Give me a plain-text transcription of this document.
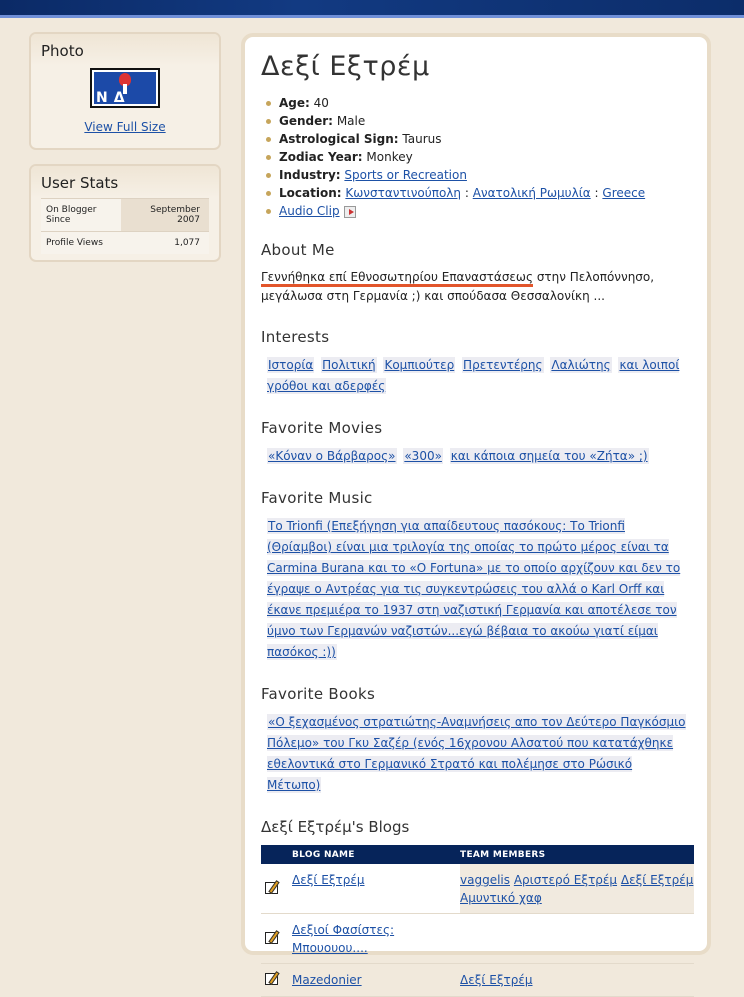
Photo
ΝΔ
View Full Size
User Stats
On Blogger Since	September 2007
Profile Views	1,077
Δεξί Εξτρέμ
Age: 40
Gender: Male
Astrological Sign: Taurus
Zodiac Year: Monkey
Industry: Sports or Recreation
Location: Κωνσταντινούπολη : Ανατολική Ρωμυλία : Greece
Audio Clip
About Me
Γεννήθηκα επί Εθνοσωτηρίου Επαναστάσεως στην Πελοπόννησο, μεγάλωσα στη Γερμανία ;) και σπούδασα Θεσσαλονίκη ...
Interests
Ιστορία Πολιτική Κομπιούτερ Πρετεντέρης Λαλιώτης και λοιποί γρόθοι και αδερφές
Favorite Movies
«Κόναν ο Βάρβαρος» «300» και κάποια σημεία του «Ζήτα» ;)
Favorite Music
Το Trionfi (Επεξήγηση για απαίδευτους πασόκους: Το Trionfi (Θρίαμβοι) είναι μια τριλογία της οποίας το πρώτο μέρος είναι τα Carmina Burana και το «O Fortuna» με το οποίο αρχίζουν και δεν το έγραψε ο Αντρέας για τις συγκεντρώσεις του αλλά ο Karl Orff και έκανε πρεμιέρα το 1937 στη ναζιστική Γερμανία και αποτέλεσε τον ύμνο των Γερμανών ναζιστών...εγώ βέβαια το ακούω γιατί είμαι πασόκος :))
Favorite Books
«Ο ξεχασμένος στρατιώτης-Αναμνήσεις απο τον Δεύτερο Παγκόσμιο Πόλεμο» του Γκυ Σαζέρ (ενός 16χρονου Αλσατού που κατατάχθηκε εθελοντικά στο Γερμανικό Στρατό και πολέμησε στο Ρώσικό Μέτωπο)
Δεξί Εξτρέμ's Blogs
	BLOG NAME	TEAM MEMBERS

	Δεξί Εξτρέμ	vaggelis Αριστερό Εξτρέμ Δεξί Εξτρέμ Αμυντικό χαφ

	Δεξιοί Φασίστες: Μπουουου....	

	Mazedonier	Δεξί Εξτρέμ
